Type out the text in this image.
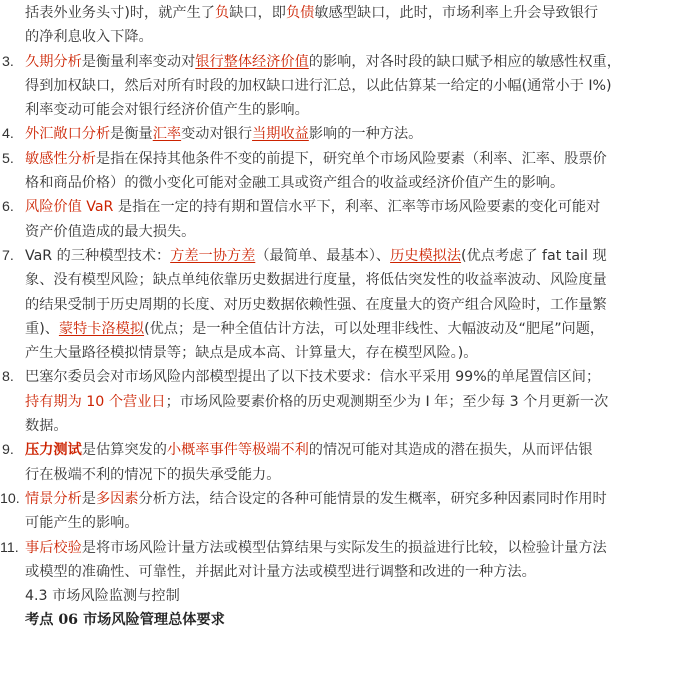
括表外业务头寸)时，就产生了负缺口，即负债敏感型缺口，此时，市场利率上升会导致银行
的净利息收入下降。
3. 久期分析是衡量利率变动对银行整体经济价值的影响，对各时段的缺口赋予相应的敏感性权重，
得到加权缺口，然后对所有时段的加权缺口进行汇总，以此估算某一给定的小幅(通常小于 I%)
利率变动可能会对银行经济价值产生的影响。
4. 外汇敞口分析是衡量汇率变动对银行当期收益影响的一种方法。
5. 敏感性分析是指在保持其他条件不变的前提下，研究单个市场风险要素（利率、汇率、股票价
格和商品价格）的微小变化可能对金融工具或资产组合的收益或经济价值产生的影响。
6. 风险价值 VaR 是指在一定的持有期和置信水平下，利率、汇率等市场风险要素的变化可能对
资产价值造成的最大损失。
7. VaR 的三种模型技术：方差一协方差（最简单、最基本）、历史模拟法(优点考虑了 fat tail 现
象、没有模型风险；缺点单纯依靠历史数据进行度量，将低估突发性的收益率波动、风险度量
的结果受制于历史周期的长度、对历史数据依赖性强、在度量大的资产组合风险时，工作量繁
重)、蒙特卡洛模拟(优点；是一种全值估计方法，可以处理非线性、大幅波动及“肥尾”问题，
产生大量路径模拟情景等；缺点是成本高、计算量大，存在模型风险。)。
8. 巴塞尔委员会对市场风险内部模型提出了以下技术要求：信水平采用 99%的单尾置信区间；
持有期为 10 个营业日；市场风险要素价格的历史观测期至少为 I 年；至少每 3 个月更新一次
数据。
9. 压力测试是估算突发的小概率事件等极端不利的情况可能对其造成的潜在损失，从而评估银
行在极端不利的情况下的损失承受能力。
10. 情景分析是多因素分析方法，结合设定的各种可能情景的发生概率，研究多种因素同时作用时
可能产生的影响。
11. 事后校验是将市场风险计量方法或模型估算结果与实际发生的损益进行比较，以检验计量方法
或模型的准确性、可靠性，并据此对计量方法或模型进行调整和改进的一种方法。
4.3 市场风险监测与控制
考点 06 市场风险管理总体要求
